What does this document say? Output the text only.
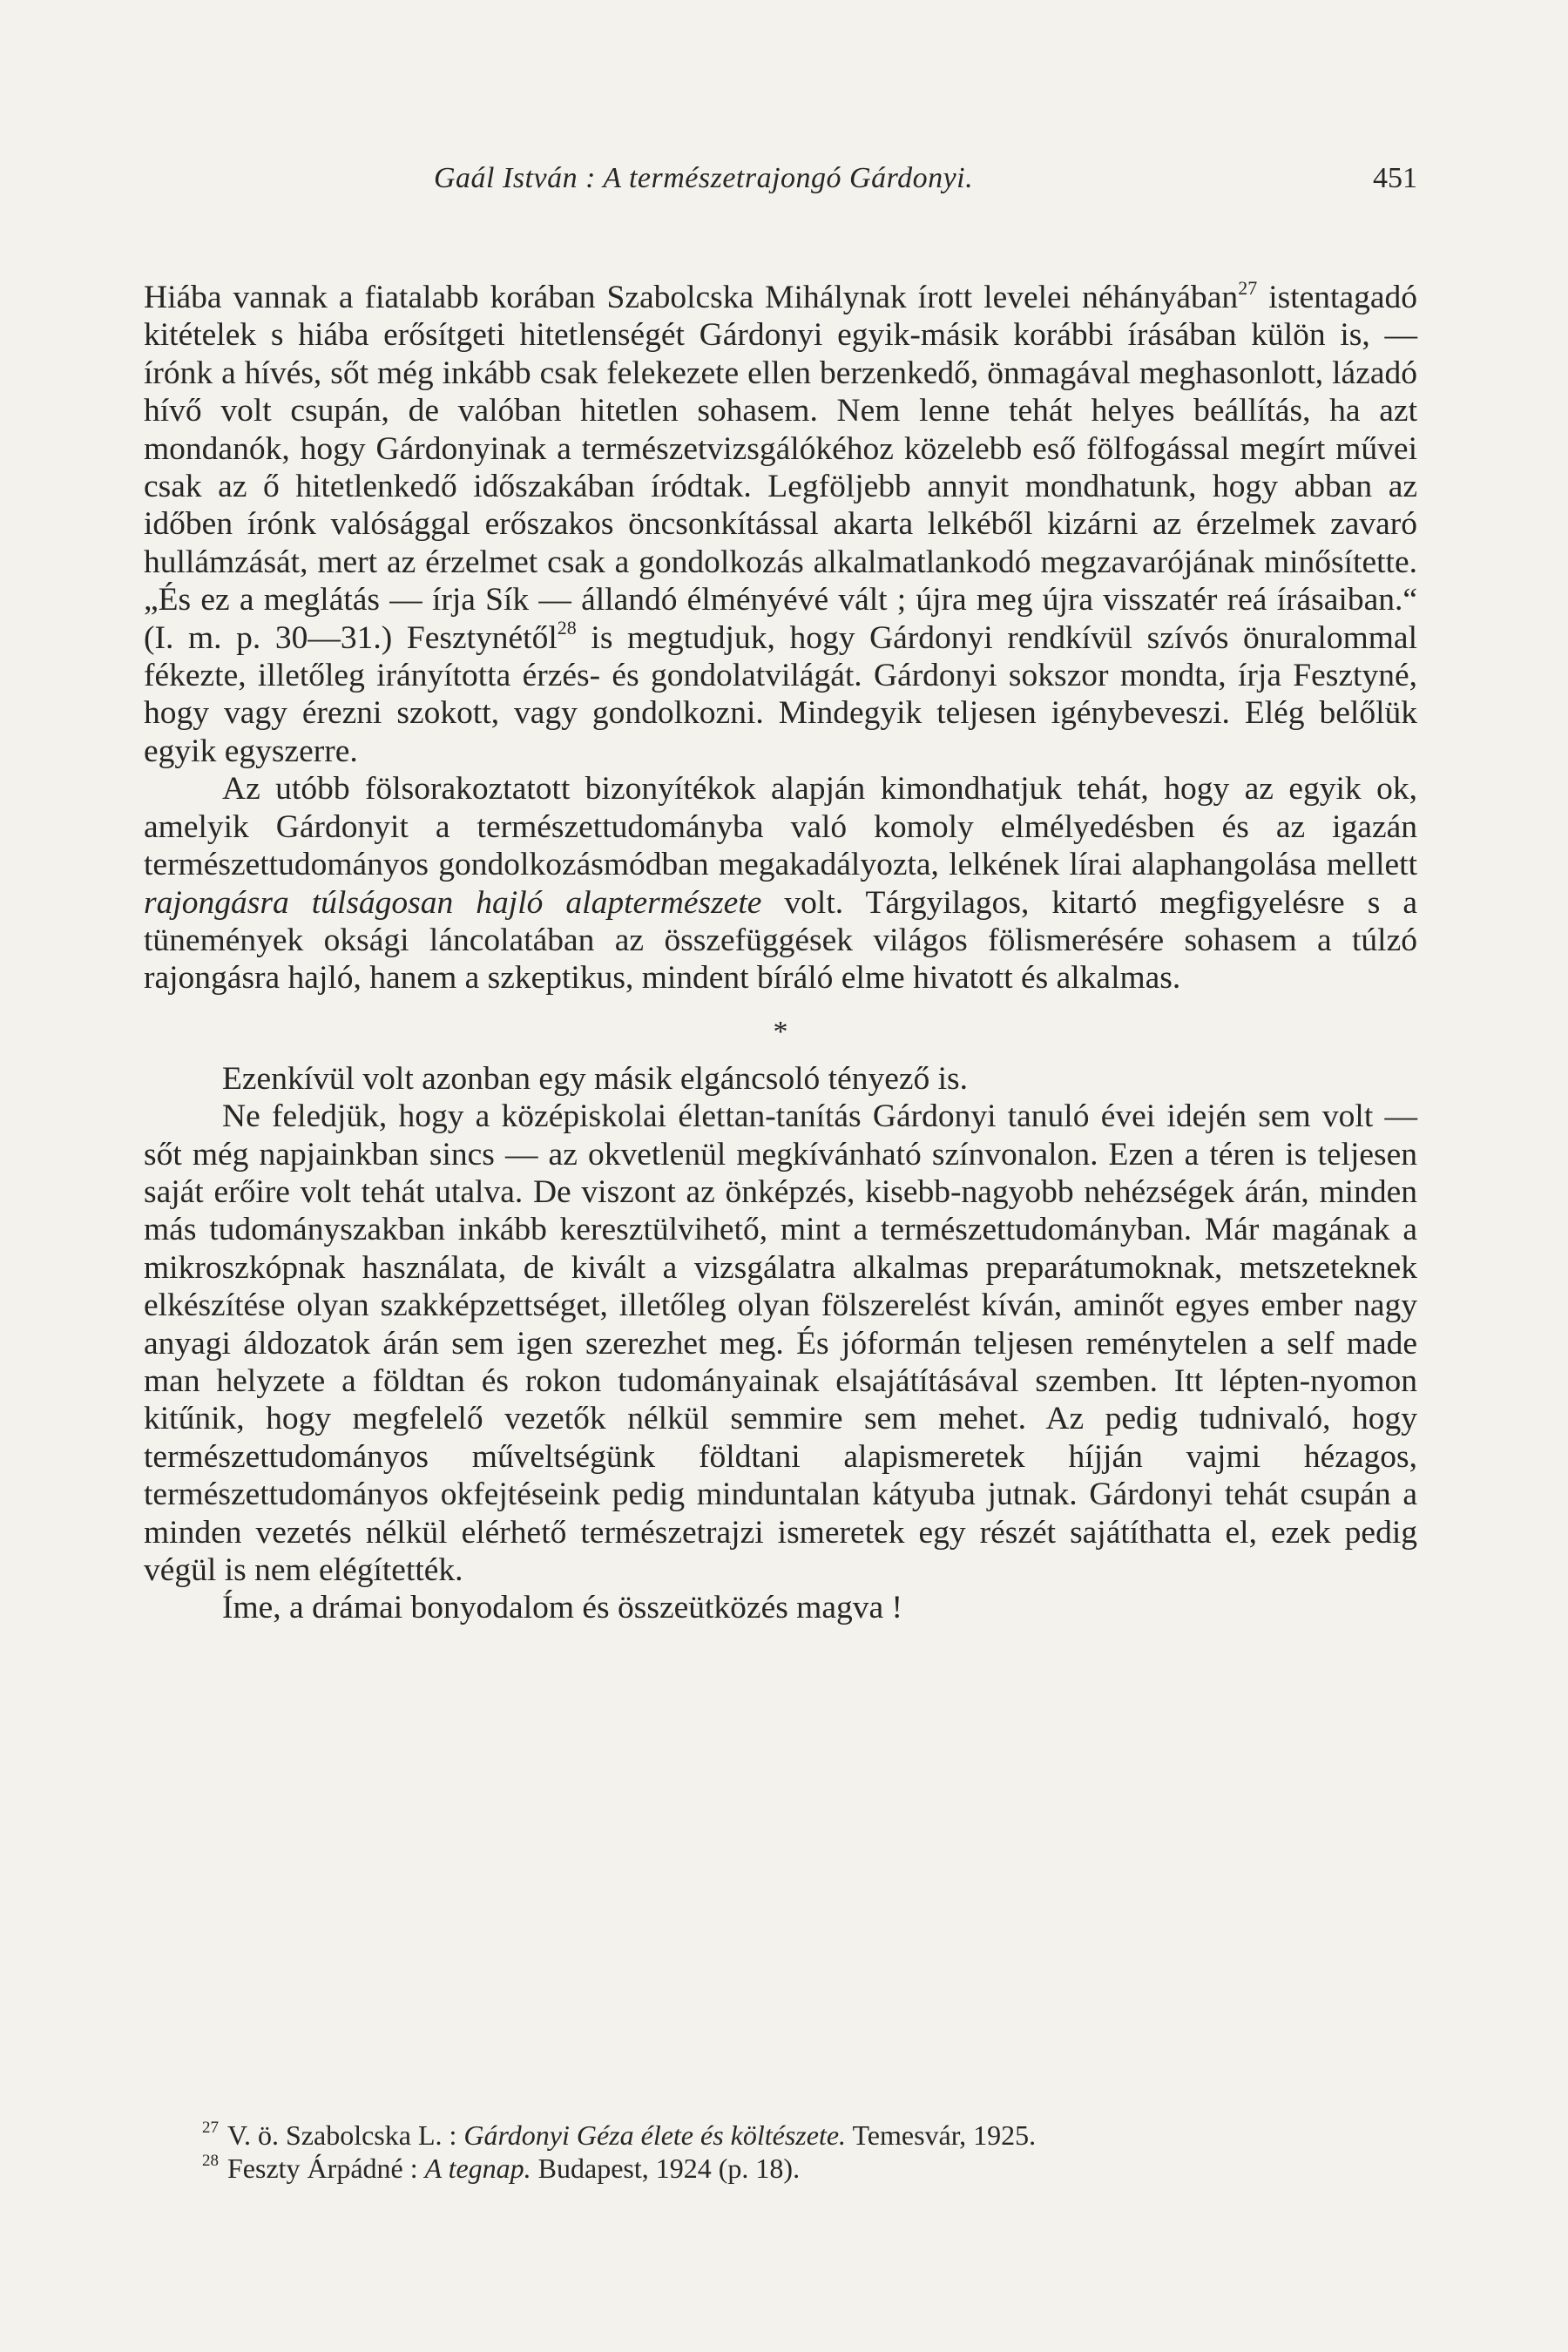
Gaál István : A természetrajongó Gárdonyi.	451

Hiába vannak a fiatalabb korában Szabolcska Mihálynak írott levelei néhányában$^{27}$ istentagadó kitételek s hiába erősítgeti hitetlenségét Gárdonyi egyik-másik korábbi írásában külön is, — írónk a hívés, sőt még inkább csak felekezete ellen berzenkedő, önmagával meghasonlott, lázadó hívő volt csupán, de valóban hitetlen sohasem. Nem lenne tehát helyes beállítás, ha azt mondanók, hogy Gárdonyinak a természetvizsgálókéhoz közelebb eső fölfogással megírt művei csak az ő hitetlenkedő időszakában íródtak. Legföljebb annyit mondhatunk, hogy abban az időben írónk valósággal erőszakos öncsonkítással akarta lelkéből kizárni az érzelmek zavaró hullámzását, mert az érzelmet csak a gondolkozás alkalmatlankodó megzavarójának minősítette. „És ez a meglátás — írja Sík — állandó élményévé vált ; újra meg újra visszatér reá írásaiban.“ (I. m. p. 30—31.) Fesztynétől$^{28}$ is megtudjuk, hogy Gárdonyi rendkívül szívós önuralommal fékezte, illetőleg irányította érzés- és gondolatvilágát. Gárdonyi sokszor mondta, írja Fesztyné, hogy vagy érezni szokott, vagy gondolkozni. Mindegyik teljesen igénybeveszi. Elég belőlük egyik egyszerre.

Az utóbb fölsorakoztatott bizonyítékok alapján kimondhatjuk tehát, hogy az egyik ok, amelyik Gárdonyit a természettudományba való komoly elmélyedésben és az igazán természettudományos gondolkozásmódban megakadályozta, lelkének lírai alaphangolása mellett rajongásra túlságosan hajló alaptermészete volt. Tárgyilagos, kitartó megfigyelésre s a tünemények oksági láncolatában az összefüggések világos fölismerésére sohasem a túlzó rajongásra hajló, hanem a szkeptikus, mindent bíráló elme hivatott és alkalmas.

*

Ezenkívül volt azonban egy másik elgáncsoló tényező is.

Ne feledjük, hogy a középiskolai élettan-tanítás Gárdonyi tanuló évei idején sem volt — sőt még napjainkban sincs — az okvetlenül megkívánható színvonalon. Ezen a téren is teljesen saját erőire volt tehát utalva. De viszont az önképzés, kisebb-nagyobb nehézségek árán, minden más tudományszakban inkább keresztülvihető, mint a természettudományban. Már magának a mikroszkópnak használata, de kivált a vizsgálatra alkalmas preparátumoknak, metszeteknek elkészítése olyan szakképzettséget, illetőleg olyan fölszerelést kíván, aminőt egyes ember nagy anyagi áldozatok árán sem igen szerezhet meg. És jóformán teljesen reménytelen a self made man helyzete a földtan és rokon tudományainak elsajátításával szemben. Itt lépten-nyomon kitűnik, hogy megfelelő vezetők nélkül semmire sem mehet. Az pedig tudnivaló, hogy természettudományos műveltségünk földtani alapismeretek híjján vajmi hézagos, természettudományos okfejtéseink pedig minduntalan kátyuba jutnak. Gárdonyi tehát csupán a minden vezetés nélkül elérhető természetrajzi ismeretek egy részét sajátíthatta el, ezek pedig végül is nem elégítették.

Íme, a drámai bonyodalom és összeütközés magva !

$^{27}$ V. ö. Szabolcska L. : Gárdonyi Géza élete és költészete. Temesvár, 1925.

$^{28}$ Feszty Árpádné : A tegnap. Budapest, 1924 (p. 18).
